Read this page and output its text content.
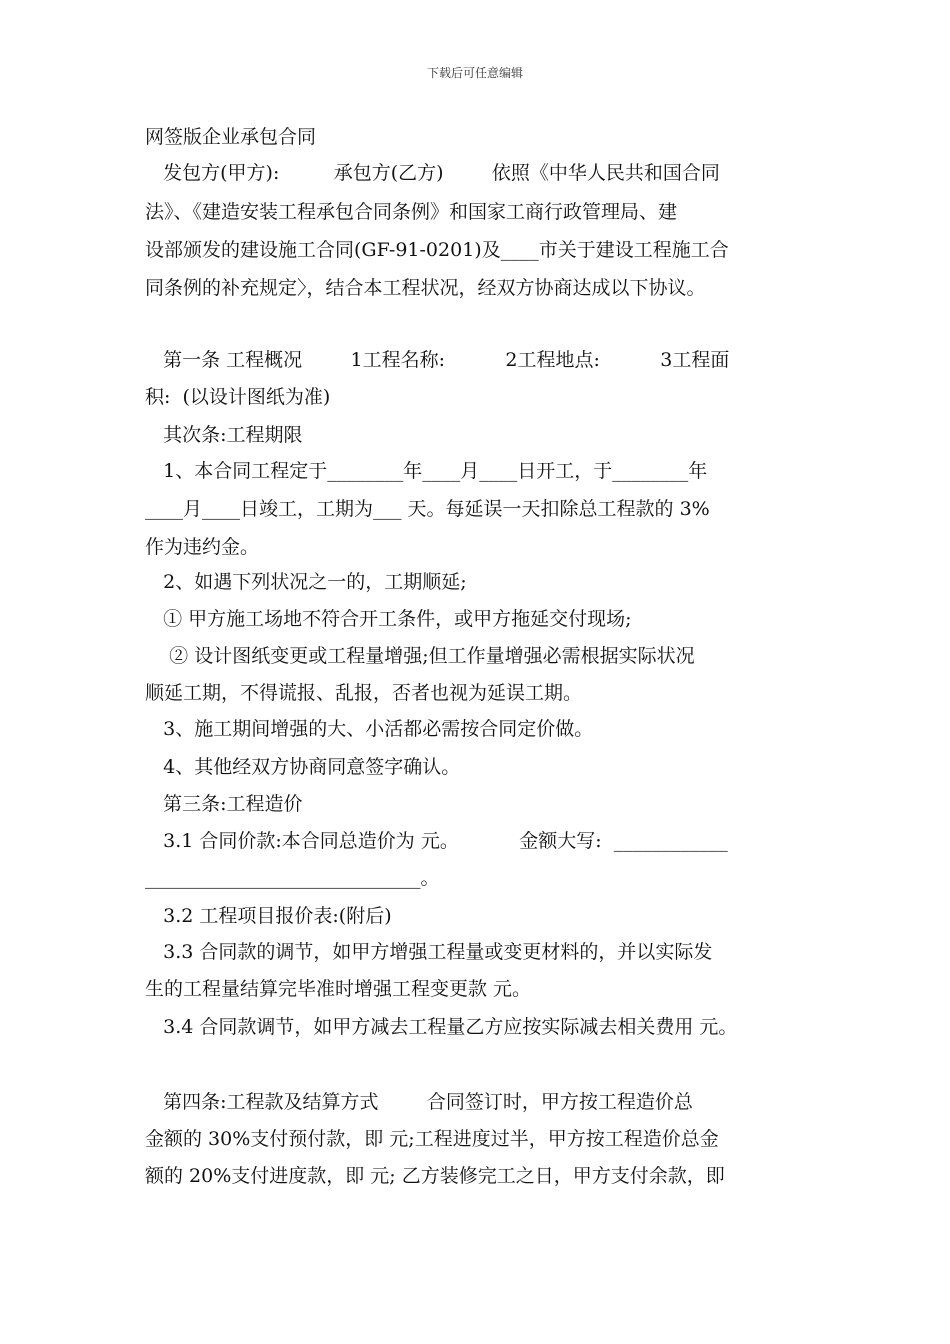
下载后可任意编辑
网签版企业承包合同
发包方(甲方):         承包方(乙方)        依照《中华人民共和国合同
法》、《建造安装工程承包合同条例》和国家工商行政管理局、建
设部颁发的建设施工合同(GF-91-0201)及____市关于建设工程施工合
同条例的补充规定〉，结合本工程状况，经双方协商达成以下协议。
第一条 工程概况        1工程名称:          2工程地点:          3工程面
积:  (以设计图纸为准)
其次条:工程期限
1、本合同工程定于________年____月____日开工，于________年
____月____日竣工，工期为___ 天。每延误一天扣除总工程款的 3%
作为违约金。
2、如遇下列状况之一的，工期顺延;
① 甲方施工场地不符合开工条件，或甲方拖延交付现场;
② 设计图纸变更或工程量增强;但工作量增强必需根据实际状况
顺延工期，不得谎报、乱报，否者也视为延误工期。
3、施工期间增强的大、小活都必需按合同定价做。
4、其他经双方协商同意签字确认。
第三条:工程造价
3.1 合同价款:本合同总造价为 元。          金额大写:  ____________
_____________________________。
3.2 工程项目报价表:(附后)
3.3 合同款的调节，如甲方增强工程量或变更材料的，并以实际发
生的工程量结算完毕准时增强工程变更款 元。
3.4 合同款调节，如甲方减去工程量乙方应按实际减去相关费用 元。
第四条:工程款及结算方式        合同签订时，甲方按工程造价总
金额的 30%支付预付款，即 元;工程进度过半，甲方按工程造价总金
额的 20%支付进度款，即 元; 乙方装修完工之日，甲方支付余款，即
